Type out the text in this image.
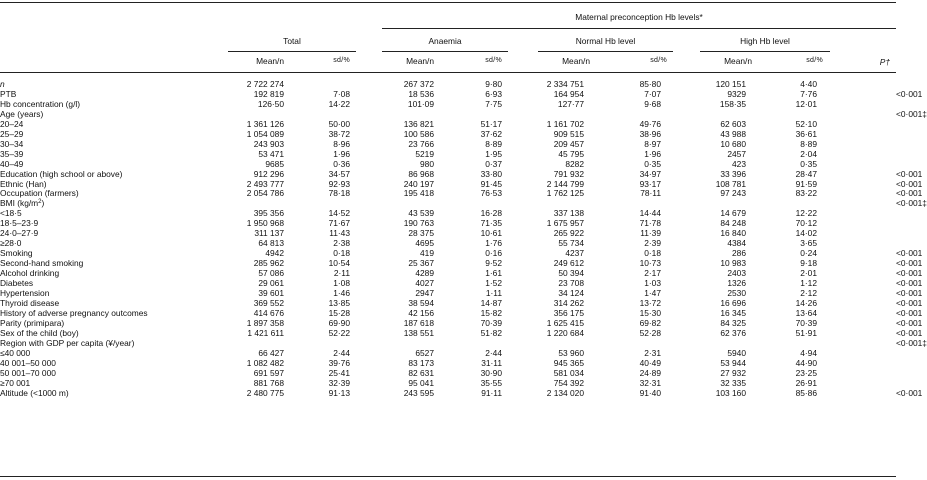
Maternal preconception Hb levels*
Total	Anaemia	Normal Hb level	High Hb level
Mean/n	sd/%	Mean/n	sd/%	Mean/n	sd/%	Mean/n	sd/%	P†
n	2 722 274			267 372	9·80		2 334 751	85·80		120 151	4·40		
PTB	192 819	7·08		18 536	6·93		164 954	7·07		9329	7·76		<0·001
Hb concentration (g/l)	126·50	14·22		101·09	7·75		127·77	9·68		158·35	12·01		
Age (years)													<0·001‡
20–24	1 361 126	50·00		136 821	51·17		1 161 702	49·76		62 603	52·10		
25–29	1 054 089	38·72		100 586	37·62		909 515	38·96		43 988	36·61		
30–34	243 903	8·96		23 766	8·89		209 457	8·97		10 680	8·89		
35–39	53 471	1·96		5219	1·95		45 795	1·96		2457	2·04		
40–49	9685	0·36		980	0·37		8282	0·35		423	0·35		
Education (high school or above)	912 296	34·57		86 968	33·80		791 932	34·97		33 396	28·47		<0·001
Ethnic (Han)	2 493 777	92·93		240 197	91·45		2 144 799	93·17		108 781	91·59		<0·001
Occupation (farmers)	2 054 786	78·18		195 418	76·53		1 762 125	78·11		97 243	83·22		<0·001
BMI $(kg/m^2)$													<0·001‡
<18·5	395 356	14·52		43 539	16·28		337 138	14·44		14 679	12·22		
18·5–23·9	1 950 968	71·67		190 763	71·35		1 675 957	71·78		84 248	70·12		
24·0–27·9	311 137	11·43		28 375	10·61		265 922	11·39		16 840	14·02		
≥28·0	64 813	2·38		4695	1·76		55 734	2·39		4384	3·65		
Smoking	4942	0·18		419	0·16		4237	0·18		286	0·24		<0·001
Second-hand smoking	285 962	10·54		25 367	9·52		249 612	10·73		10 983	9·18		<0·001
Alcohol drinking	57 086	2·11		4289	1·61		50 394	2·17		2403	2·01		<0·001
Diabetes	29 061	1·08		4027	1·52		23 708	1·03		1326	1·12		<0·001
Hypertension	39 601	1·46		2947	1·11		34 124	1·47		2530	2·12		<0·001
Thyroid disease	369 552	13·85		38 594	14·87		314 262	13·72		16 696	14·26		<0·001
History of adverse pregnancy outcomes	414 676	15·28		42 156	15·82		356 175	15·30		16 345	13·64		<0·001
Parity (primipara)	1 897 358	69·90		187 618	70·39		1 625 415	69·82		84 325	70·39		<0·001
Sex of the child (boy)	1 421 611	52·22		138 551	51·82		1 220 684	52·28		62 376	51·91		<0·001
Region with GDP per capita (¥/year)													<0·001‡
≤40 000	66 427	2·44		6527	2·44		53 960	2·31		5940	4·94		
40 001–50 000	1 082 482	39·76		83 173	31·11		945 365	40·49		53 944	44·90		
50 001–70 000	691 597	25·41		82 631	30·90		581 034	24·89		27 932	23·25		
≥70 001	881 768	32·39		95 041	35·55		754 392	32·31		32 335	26·91		
Altitude (<1000 m)	2 480 775	91·13		243 595	91·11		2 134 020	91·40		103 160	85·86		<0·001
